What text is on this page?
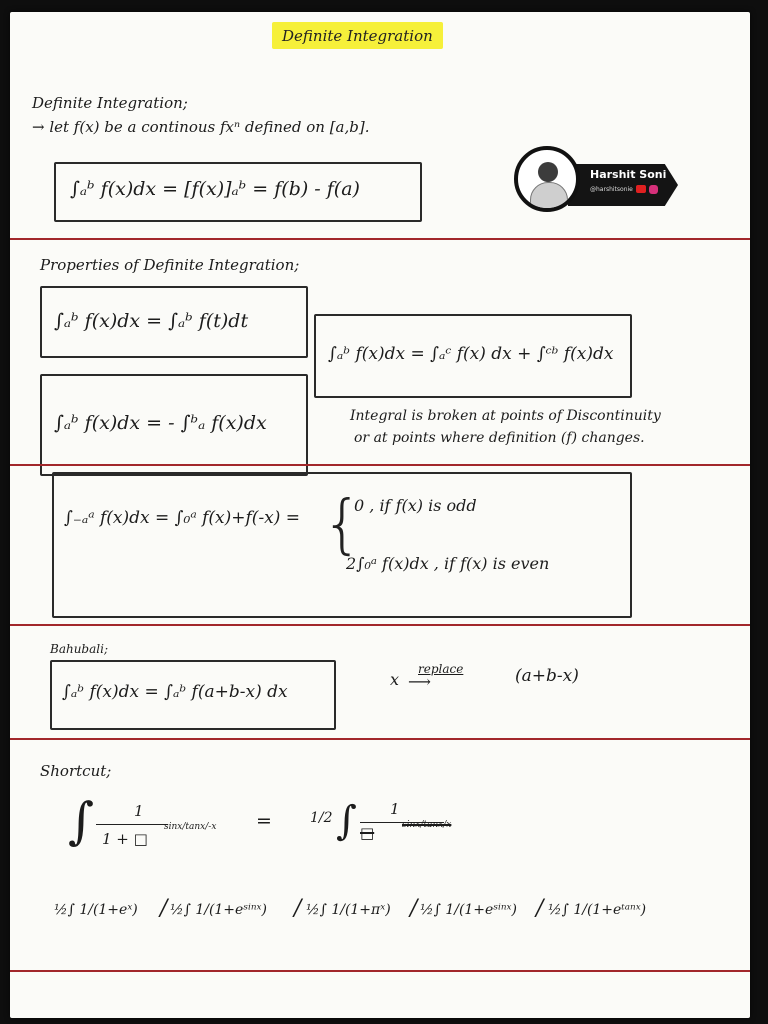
Definite Integration
Definite Integration;
→ let f(x) be a continous fxⁿ defined on [a,b].
∫ₐᵇ f(x)dx = [f(x)]ₐᵇ = f(b) - f(a)
Harshit Soni
@harshitsonie
Properties of Definite Integration;
∫ₐᵇ f(x)dx = ∫ₐᵇ f(t)dt
∫ₐᵇ f(x)dx = ∫ₐᶜ f(x) dx + ∫ᶜᵇ f(x)dx
∫ₐᵇ f(x)dx = - ∫ᵇₐ f(x)dx	Integral is broken at points of Discontinuity
or at points where definition (f) changes.
∫₋ₐᵃ f(x)dx = ∫₀ᵃ f(x)+f(-x) = {
0 , if f(x) is odd
2∫₀ᵃ f(x)dx , if f(x) is even
Bahubali;
∫ₐᵇ f(x)dx = ∫ₐᵇ f(a+b-x) dx
x
replace
⟶	(a+b-x)
Shortcut;
∫	1
1 + □
sinx/tanx/-x =	1/2 ∫ 1
□	sinx/tanx/x
½∫ 1/(1+eˣ) / ½∫ 1/(1+eˢⁱⁿˣ) / ½∫ 1/(1+πˣ) / ½∫ 1/(1+eˢⁱⁿˣ) / ½∫ 1/(1+eᵗᵃⁿˣ)
